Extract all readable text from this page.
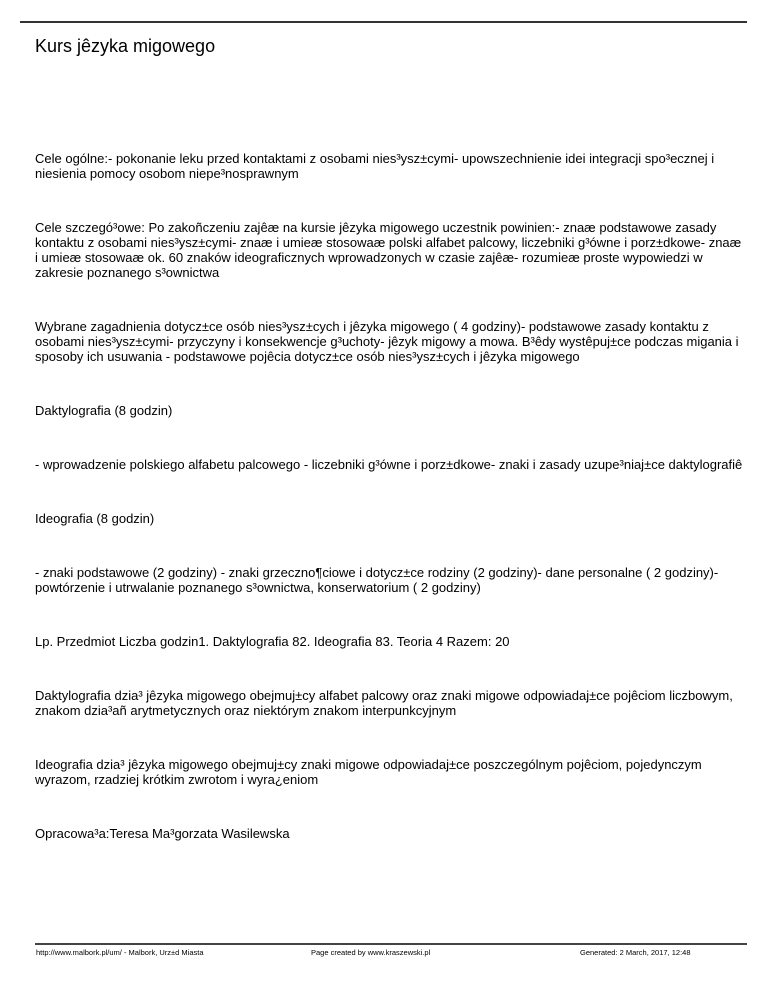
Kurs jêzyka migowego

Cele ogólne:- pokonanie leku przed kontaktami z osobami nies³ysz±cymi- upowszechnienie idei integracji spo³ecznej i niesienia pomocy osobom niepe³nosprawnym

Cele szczegó³owe: Po zakoñczeniu zajêæ na kursie jêzyka migowego uczestnik powinien:- znaæ podstawowe zasady kontaktu z osobami nies³ysz±cymi- znaæ i umieæ stosowaæ polski alfabet palcowy, liczebniki g³ówne i porz±dkowe- znaæ i umieæ stosowaæ ok. 60 znaków ideograficznych wprowadzonych w czasie zajêæ- rozumieæ proste wypowiedzi w zakresie poznanego s³ownictwa

Wybrane zagadnienia dotycz±ce osób nies³ysz±cych i jêzyka migowego ( 4 godziny)- podstawowe zasady kontaktu z osobami nies³ysz±cymi- przyczyny i konsekwencje g³uchoty- jêzyk migowy a mowa. B³êdy wystêpuj±ce podczas migania i sposoby ich usuwania - podstawowe pojêcia dotycz±ce osób nies³ysz±cych i jêzyka migowego

Daktylografia (8 godzin)

- wprowadzenie polskiego alfabetu palcowego - liczebniki g³ówne i porz±dkowe- znaki i zasady uzupe³niaj±ce daktylografiê

Ideografia (8 godzin)

- znaki podstawowe (2 godziny) - znaki grzeczno¶ciowe i dotycz±ce rodziny (2 godziny)- dane personalne ( 2 godziny)- powtórzenie i utrwalanie poznanego s³ownictwa, konserwatorium ( 2 godziny)

Lp. Przedmiot Liczba godzin1. Daktylografia 82. Ideografia 83. Teoria 4 Razem: 20

Daktylografia dzia³ jêzyka migowego obejmuj±cy alfabet palcowy oraz znaki migowe odpowiadaj±ce pojêciom liczbowym, znakom dzia³añ arytmetycznych oraz niektórym znakom interpunkcyjnym

Ideografia dzia³ jêzyka migowego obejmuj±cy znaki migowe odpowiadaj±ce poszczególnym pojêciom, pojedynczym wyrazom, rzadziej krótkim zwrotom i wyra¿eniom

Opracowa³a:Teresa Ma³gorzata Wasilewska

http://www.malbork.pl/um/ - Malbork, Urz±d Miasta	Page created by www.kraszewski.pl	Generated: 2 March, 2017, 12:48
